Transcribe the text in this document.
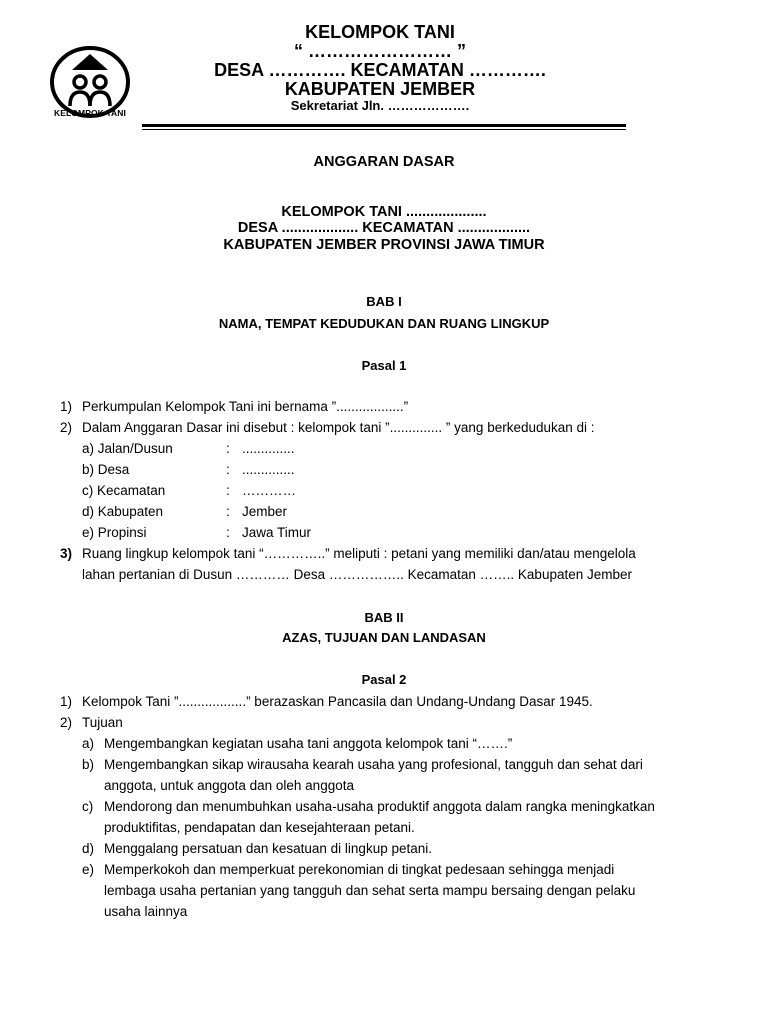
KELOMPOK TANI
KELOMPOK TANI
“ …………………… ”
DESA …………. KECAMATAN ………….
KABUPATEN JEMBER
Sekretariat Jln. ……………….
ANGGARAN DASAR
KELOMPOK TANI ....................
DESA ................... KECAMATAN ..................
KABUPATEN JEMBER PROVINSI JAWA TIMUR
BAB I
NAMA, TEMPAT KEDUDUKAN DAN RUANG LINGKUP
Pasal 1
1) Perkumpulan Kelompok Tani ini bernama ”..................”
2) Dalam Anggaran Dasar ini disebut : kelompok tani ”.............. ” yang berkedudukan di :
a) Jalan/Dusun	: ..............
b) Desa	: ..............
c) Kecamatan	: …………
d) Kabupaten	: Jember
e) Propinsi	: Jawa Timur
3) Ruang lingkup kelompok tani “…………..” meliputi : petani yang memiliki dan/atau mengelola
lahan pertanian di Dusun ………… Desa …………….. Kecamatan …….. Kabupaten Jember
BAB II
AZAS, TUJUAN DAN LANDASAN
Pasal 2
1) Kelompok Tani ”..................” berazaskan Pancasila dan Undang-Undang Dasar 1945.
2) Tujuan
a) Mengembangkan kegiatan usaha tani anggota kelompok tani “…….”
b) Mengembangkan sikap wirausaha kearah usaha yang profesional, tangguh dan sehat dari
anggota, untuk anggota dan oleh anggota
c) Mendorong dan menumbuhkan usaha-usaha produktif anggota dalam rangka meningkatkan
produktifitas, pendapatan dan kesejahteraan petani.
d) Menggalang persatuan dan kesatuan di lingkup petani.
e) Memperkokoh dan memperkuat perekonomian di tingkat pedesaan sehingga menjadi
lembaga usaha pertanian yang tangguh dan sehat serta mampu bersaing dengan pelaku
usaha lainnya
